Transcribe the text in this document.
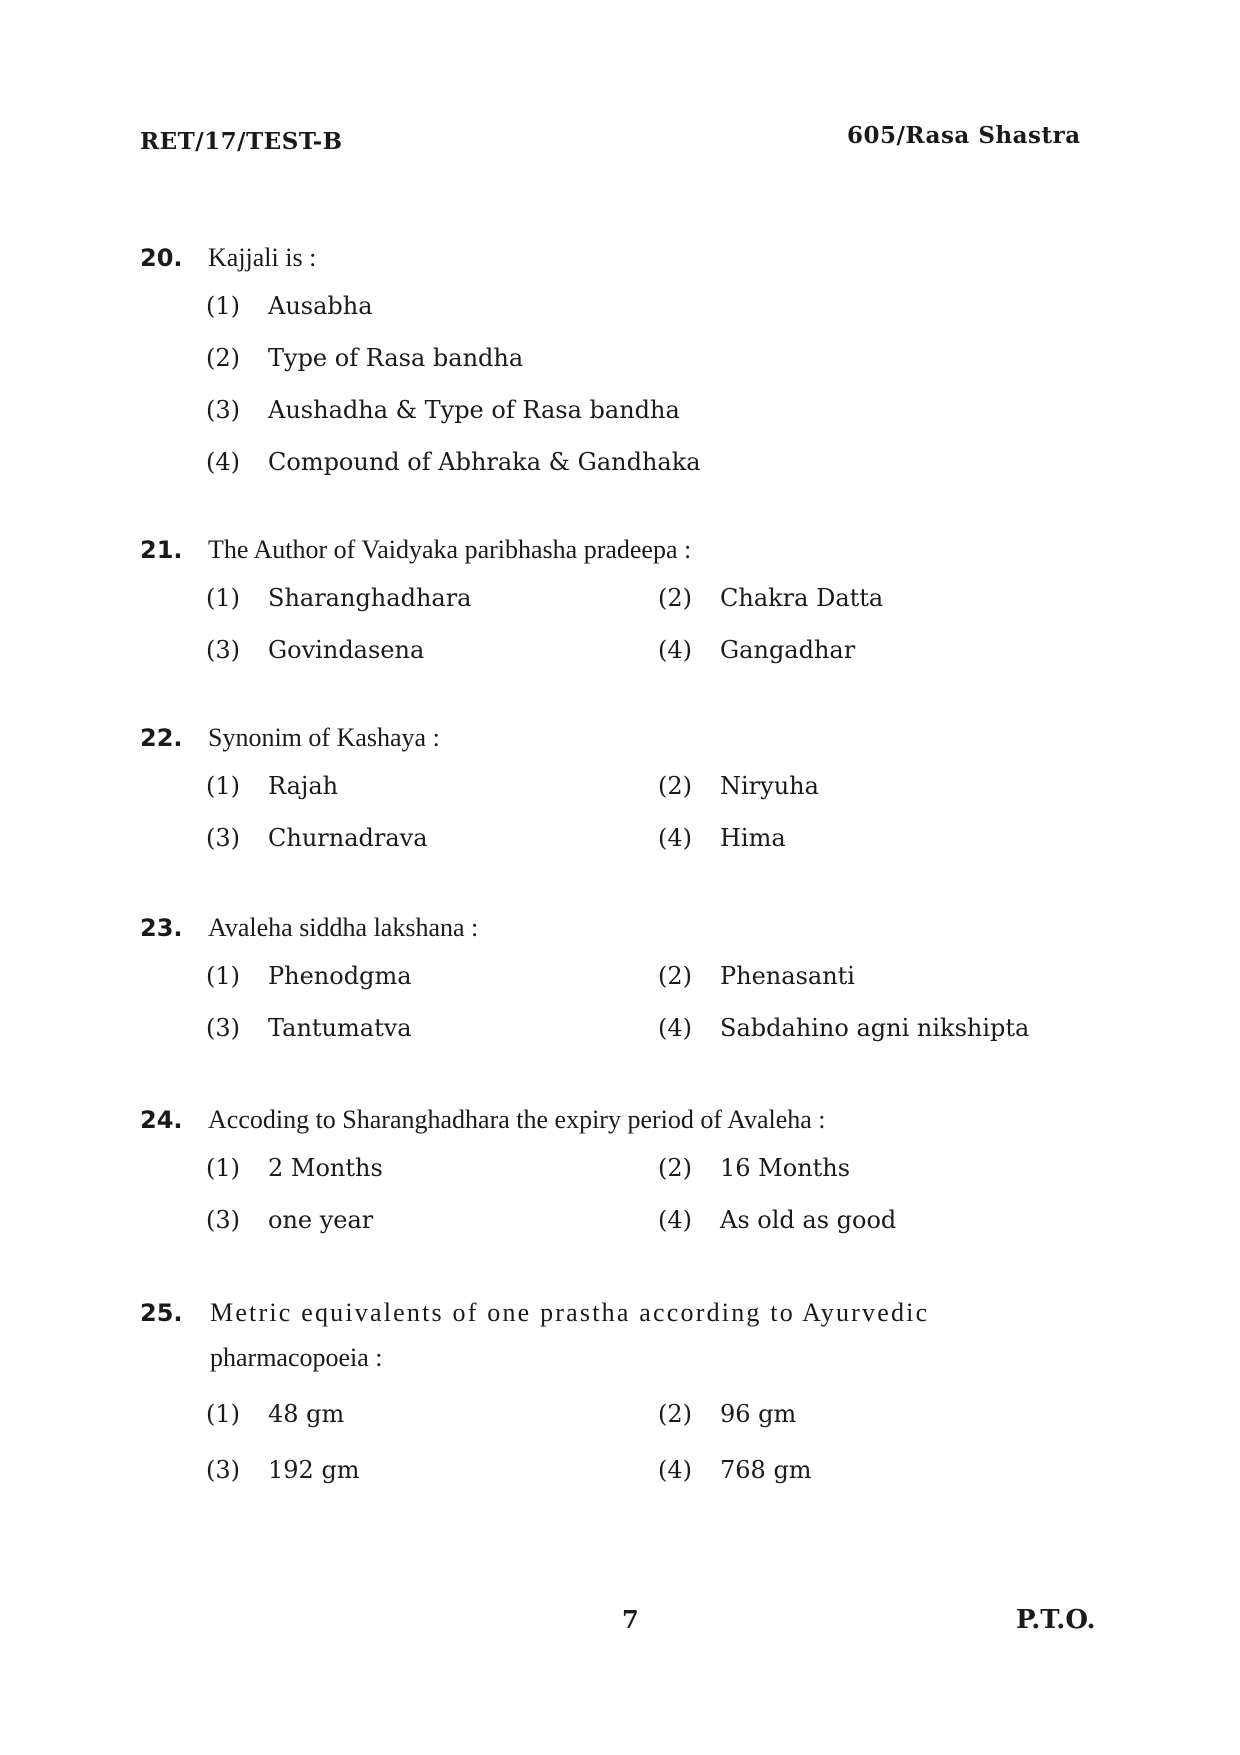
RET/17/TEST-B	605/Rasa Shastra
20. Kajjali is :
(1) Ausabha
(2) Type of Rasa bandha
(3) Aushadha & Type of Rasa bandha
(4) Compound of Abhraka & Gandhaka
21. The Author of Vaidyaka paribhasha pradeepa :
(1) Sharanghadhara	(2) Chakra Datta
(3) Govindasena	(4) Gangadhar
22. Synonim of Kashaya :
(1) Rajah	(2) Niryuha
(3) Churnadrava	(4) Hima
23. Avaleha siddha lakshana :
(1) Phenodgma	(2) Phenasanti
(3) Tantumatva	(4) Sabdahino agni nikshipta
24. Accoding to Sharanghadhara the expiry period of Avaleha :
(1) 2 Months	(2) 16 Months
(3) one year	(4) As old as good
25. Metric equivalents of one prastha according to Ayurvedic
pharmacopoeia :
(1) 48 gm	(2) 96 gm
(3) 192 gm	(4) 768 gm
7	P.T.O.
